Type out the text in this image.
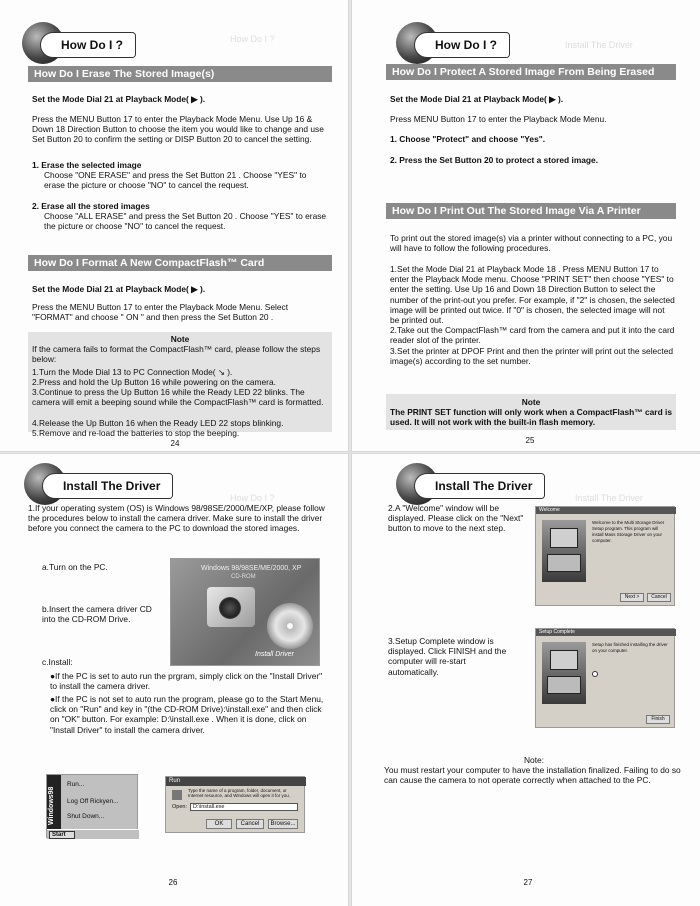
How Do I ?
How Do I ?
How Do I Erase The Stored Image(s)
Set the Mode Dial 21 at Playback Mode( ▶ ).
Press the MENU Button 17 to enter the Playback Mode Menu. Use Up 16 & Down 18 Direction Button to choose the item you would like to change and use Set Button 20 to confirm the setting or DISP Button 20 to cancel the setting.
1. Erase the selected image
Choose "ONE ERASE" and press the Set Button 21 . Choose "YES" to erase the picture or choose "NO" to cancel the request.
2. Erase all the stored images
Choose "ALL ERASE" and press the Set Button 20 . Choose "YES" to erase the picture or choose "NO" to cancel the request.
How Do I Format A New CompactFlash™ Card
Set the Mode Dial 21 at Playback Mode( ▶ ).
Press the MENU Button 17 to enter the Playback Mode Menu. Select "FORMAT" and choose " ON " and then press the Set Button 20 .
Note
If the camera fails to format the CompactFlash™ card, please follow the steps below:
1.Turn the Mode Dial 13 to PC Connection Mode( ↘ ).
2.Press and hold the Up Button 16 while powering on the camera.
3.Continue to press the Up Button 16 while the Ready LED 22 blinks. The camera will emit a beeping sound while the CompactFlash™ card is formatted.
4.Release the Up Button 16 when the Ready LED 22 stops blinking.
5.Remove and re-load the batteries to stop the beeping.
24
Install The Driver
How Do I ?
How Do I Protect A Stored Image From Being Erased
Set the Mode Dial 21 at Playback Mode( ▶ ).
Press MENU Button 17 to enter the Playback Mode Menu.
1. Choose "Protect" and choose "Yes".
2. Press the Set Button 20 to protect a stored image.
How Do I Print Out The Stored Image Via A Printer
To print out the stored image(s) via a printer without connecting to a PC, you will have to follow the following procedures.
1.Set the Mode Dial 21 at Playback Mode 18 . Press MENU Button 17 to enter the Playback Mode menu. Choose "PRINT SET" then choose "YES" to enter the setting. Use Up 16 and Down 18 Direction Button to select the number of the print-out you prefer. For example, if "2" is chosen, the selected image will be printed out twice. If "0" is chosen, the selected image will not be printed out.
2.Take out the CompactFlash™ card from the camera and put it into the card reader slot of the printer.
3.Set the printer at DPOF Print and then the printer will print out the selected image(s) according to the set number.
Note
The PRINT SET function will only work when a CompactFlash™ card is used. It will not work with the built-in flash memory.
25
How Do I ?
Install The Driver
1.If your operating system (OS) is Windows 98/98SE/2000/ME/XP, please follow the procedures below to install the camera driver. Make sure to install the driver before you connect the camera to the PC to download the stored images.
a.Turn on the PC.
b.Insert the camera driver CD into the CD-ROM Drive.
c.Install:
Windows 98/98SE/ME/2000, XP
CD-ROM
Install Driver
●If the PC is set to auto run the prgram, simply click on the "Install Driver" to install the camera driver.
●If the PC is not set to auto run the program, please go to the Start Menu, click on "Run" and key in "(the CD-ROM Drive):\install.exe" and then click on "OK" button. For example: D:\install.exe . When it is done, click on "Install Driver" to install the camera driver.
Windows98
Run...
Log Off Rickyen...
Shut Down...
Start
Run
Type the name of a program, folder, document, or Internet resource, and Windows will open it for you.
Open:	D:\install.exe
OK	Cancel	Browse...
26
Install The Driver
Install The Driver
2.A "Welcome" window will be displayed. Please click on the "Next" button to move to the next step.
Welcome
Welcome to the Multi Storage Driver Setup program. This program will install Mass Storage Driver on your computer.
Next >	Cancel
3.Setup Complete window is displayed. Click FINISH and the computer will re-start automatically.
Setup Complete
Setup has finished installing the driver on your computer.
Finish
Note:
You must restart your computer to have the installation finalized. Failing to do so can cause the camera to not operate correctly when attached to the PC.
27
